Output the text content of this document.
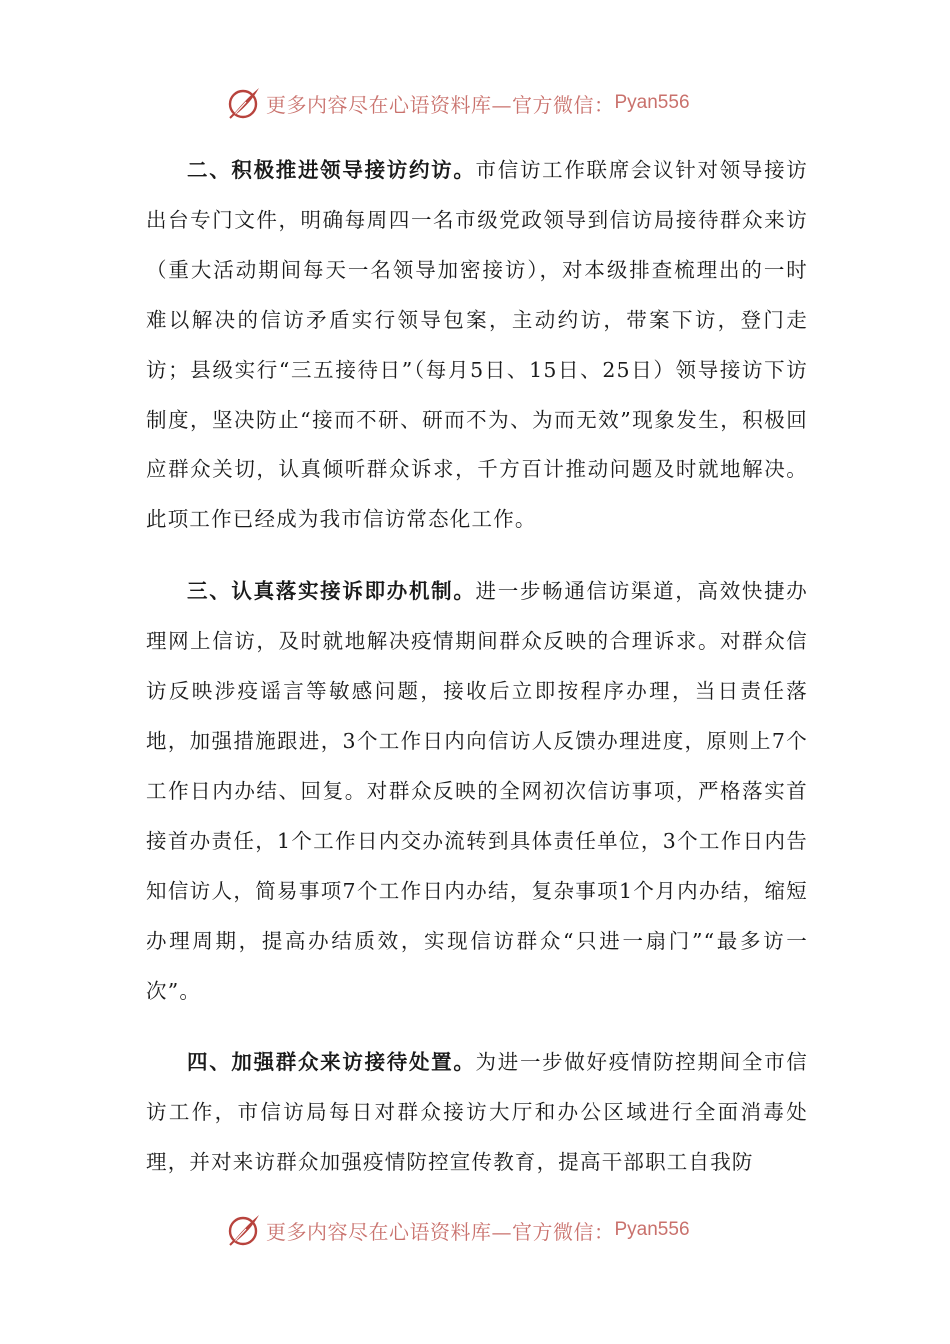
更多内容尽在心语资料库—官方微信： Pyan556

二、积极推进领导接访约访。市信访工作联席会议针对领导接访出台专门文件，明确每周四一名市级党政领导到信访局接待群众来访（重大活动期间每天一名领导加密接访），对本级排查梳理出的一时难以解决的信访矛盾实行领导包案，主动约访，带案下访，登门走访；县级实行“三五接待日”（每月5日、15日、25日）领导接访下访制度，坚决防止“接而不研、研而不为、为而无效”现象发生，积极回应群众关切，认真倾听群众诉求，千方百计推动问题及时就地解决。此项工作已经成为我市信访常态化工作。

三、认真落实接诉即办机制。进一步畅通信访渠道，高效快捷办理网上信访，及时就地解决疫情期间群众反映的合理诉求。对群众信访反映涉疫谣言等敏感问题，接收后立即按程序办理，当日责任落地，加强措施跟进，3个工作日内向信访人反馈办理进度，原则上7个工作日内办结、回复。对群众反映的全网初次信访事项，严格落实首接首办责任，1个工作日内交办流转到具体责任单位，3个工作日内告知信访人，简易事项7个工作日内办结，复杂事项1个月内办结，缩短办理周期，提高办结质效，实现信访群众“只进一扇门”“最多访一次”。

四、加强群众来访接待处置。为进一步做好疫情防控期间全市信访工作，市信访局每日对群众接访大厅和办公区域进行全面消毒处理，并对来访群众加强疫情防控宣传教育，提高干部职工自我防

更多内容尽在心语资料库—官方微信： Pyan556
